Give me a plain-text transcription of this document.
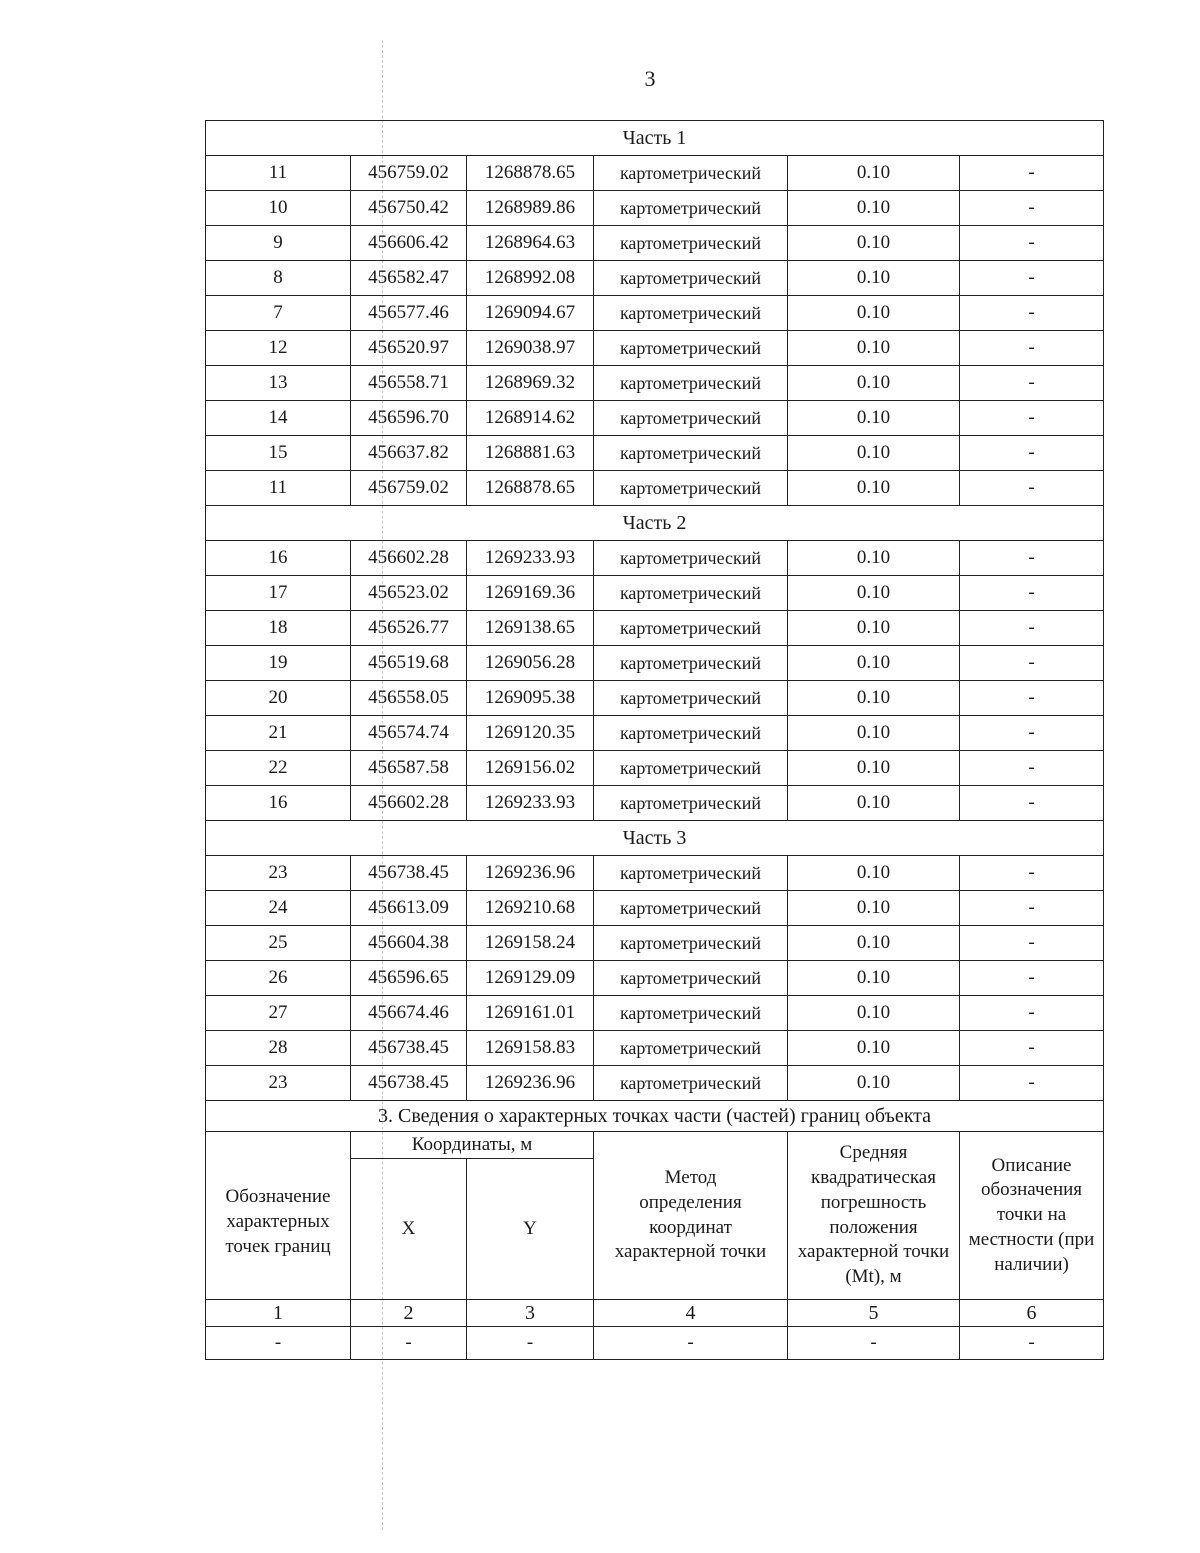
3
Часть 1					
11	456759.02	1268878.65	картометрический	0.10	-
10	456750.42	1268989.86	картометрический	0.10	-
9	456606.42	1268964.63	картометрический	0.10	-
8	456582.47	1268992.08	картометрический	0.10	-
7	456577.46	1269094.67	картометрический	0.10	-
12	456520.97	1269038.97	картометрический	0.10	-
13	456558.71	1268969.32	картометрический	0.10	-
14	456596.70	1268914.62	картометрический	0.10	-
15	456637.82	1268881.63	картометрический	0.10	-
11	456759.02	1268878.65	картометрический	0.10	-
Часть 2					
16	456602.28	1269233.93	картометрический	0.10	-
17	456523.02	1269169.36	картометрический	0.10	-
18	456526.77	1269138.65	картометрический	0.10	-
19	456519.68	1269056.28	картометрический	0.10	-
20	456558.05	1269095.38	картометрический	0.10	-
21	456574.74	1269120.35	картометрический	0.10	-
22	456587.58	1269156.02	картометрический	0.10	-
16	456602.28	1269233.93	картометрический	0.10	-
Часть 3					
23	456738.45	1269236.96	картометрический	0.10	-
24	456613.09	1269210.68	картометрический	0.10	-
25	456604.38	1269158.24	картометрический	0.10	-
26	456596.65	1269129.09	картометрический	0.10	-
27	456674.46	1269161.01	картометрический	0.10	-
28	456738.45	1269158.83	картометрический	0.10	-
23	456738.45	1269236.96	картометрический	0.10	-
3. Сведения о характерных точках части (частей) границ объекта					
Обозначение характерных точек границ	Координаты, м		Метод определения координат характерной точки	Средняя квадратическая погрешность положения характерной точки (Mt), м	Описание обозначения точки на местности (при наличии)
	X	Y			
1	2	3	4	5	6
-	-	-	-	-	-
